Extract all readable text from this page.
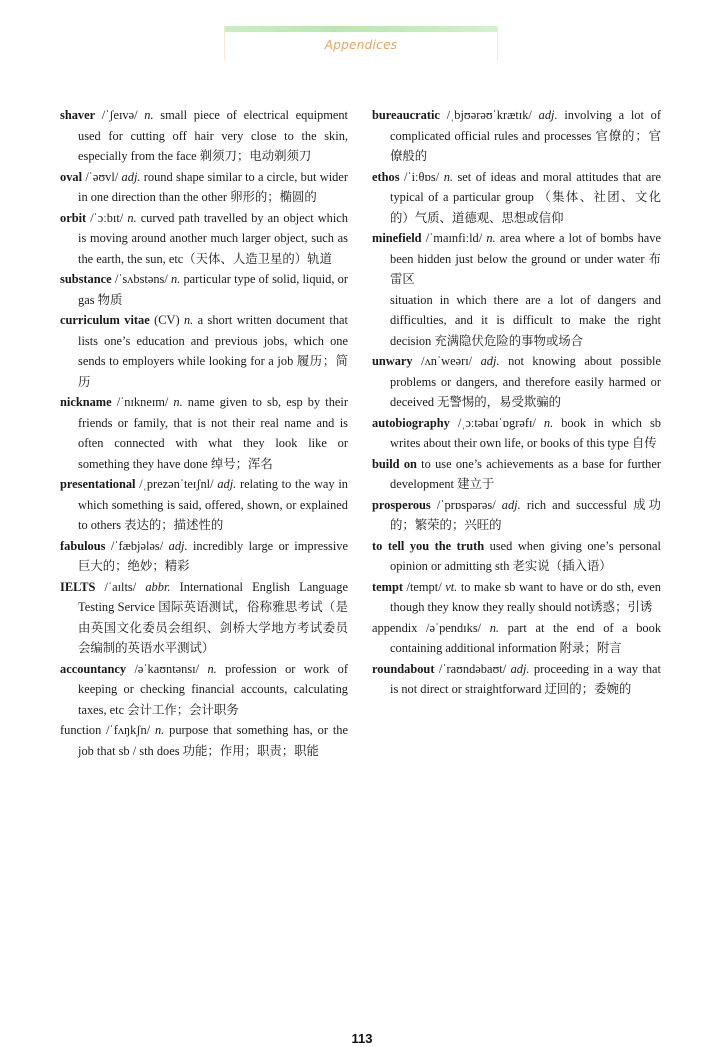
Appendices
shaver /ˈʃeɪvə/ n. small piece of electrical equipment used for cutting off hair very close to the skin, especially from the face 剃须刀；电动剃须刀
oval /ˈəʊvl/ adj. round shape similar to a circle, but wider in one direction than the other 卵形的；椭圆的
orbit /ˈɔːbɪt/ n. curved path travelled by an object which is moving around another much larger object, such as the earth, the sun, etc（天体、人造卫星的）轨道
substance /ˈsʌbstəns/ n. particular type of solid, liquid, or gas 物质
curriculum vitae (CV) n. a short written document that lists one’s education and previous jobs, which one sends to employers while looking for a job 履历；简历
nickname /ˈnɪkneɪm/ n. name given to sb, esp by their friends or family, that is not their real name and is often connected with what they look like or something they have done 绰号；浑名
presentational /ˌprezənˈteɪʃnl/ adj. relating to the way in which something is said, offered, shown, or explained to others 表达的；描述性的
fabulous /ˈfæbjələs/ adj. incredibly large or impressive 巨大的；绝妙；精彩
IELTS /ˈaɪlts/ abbr. International English Language Testing Service 国际英语测试，俗称雅思考试（是由英国文化委员会组织、剑桥大学地方考试委员会编制的英语水平测试）
accountancy /əˈkaʊntənsɪ/ n. profession or work of keeping or checking financial accounts, calculating taxes, etc 会计工作；会计职务
function /ˈfʌŋkʃn/ n. purpose that something has, or the job that sb / sth does 功能；作用；职责；职能
bureaucratic /ˌbjʊərəʊˈkrætɪk/ adj. involving a lot of complicated official rules and processes 官僚的；官僚般的
ethos /ˈiːθɒs/ n. set of ideas and moral attitudes that are typical of a particular group （集体、社团、文化的）气质、道德观、思想或信仰
minefield /ˈmaɪnfiːld/ n. area where a lot of bombs have been hidden just below the ground or under water 布雷区
situation in which there are a lot of dangers and difficulties, and it is difficult to make the right decision 充满隐伏危险的事物或场合
unwary /ʌnˈweərɪ/ adj. not knowing about possible problems or dangers, and therefore easily harmed or deceived 无警惕的，易受欺骗的
autobiography /ˌɔːtəbaɪˈɒgrəfɪ/ n. book in which sb writes about their own life, or books of this type 自传
build on to use one’s achievements as a base for further development 建立于
prosperous /ˈprɒspərəs/ adj. rich and successful 成功的；繁荣的；兴旺的
to tell you the truth used when giving one’s personal opinion or admitting sth 老实说（插入语）
tempt /tempt/ vt. to make sb want to have or do sth, even though they know they really should not诱惑；引诱
appendix /əˈpendɪks/ n. part at the end of a book containing additional information 附录；附言
roundabout /ˈraʊndəbaʊt/ adj. proceeding in a way that is not direct or straightforward 迂回的；委婉的
113
